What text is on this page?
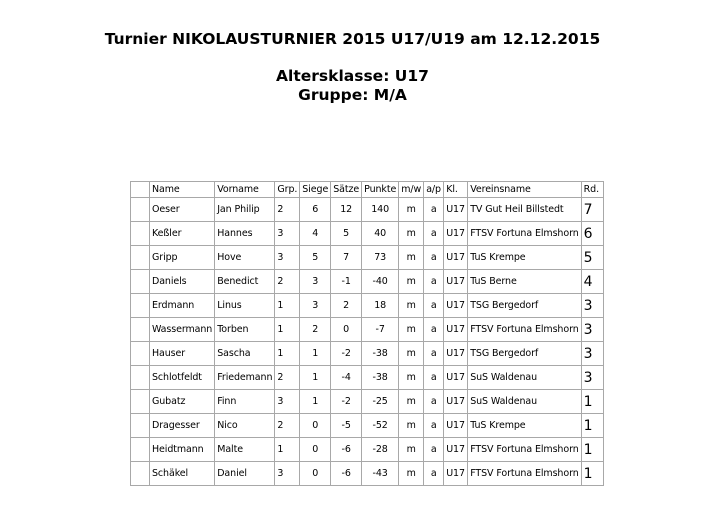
Turnier NIKOLAUSTURNIER 2015 U17/U19 am 12.12.2015
Altersklasse: U17
Gruppe: M/A
	Name	Vorname	Grp.	Siege	Sätze	Punkte	m/w	a/p	Kl.	Vereinsname	Rd.
	Oeser	Jan Philip	2	6	12	140	m	a	U17	TV Gut Heil Billstedt	7
	Keßler	Hannes	3	4	5	40	m	a	U17	FTSV Fortuna Elmshorn	6
	Gripp	Hove	3	5	7	73	m	a	U17	TuS Krempe	5
	Daniels	Benedict	2	3	-1	-40	m	a	U17	TuS Berne	4
	Erdmann	Linus	1	3	2	18	m	a	U17	TSG Bergedorf	3
	Wassermann	Torben	1	2	0	-7	m	a	U17	FTSV Fortuna Elmshorn	3
	Hauser	Sascha	1	1	-2	-38	m	a	U17	TSG Bergedorf	3
	Schlotfeldt	Friedemann	2	1	-4	-38	m	a	U17	SuS Waldenau	3
	Gubatz	Finn	3	1	-2	-25	m	a	U17	SuS Waldenau	1
	Dragesser	Nico	2	0	-5	-52	m	a	U17	TuS Krempe	1
	Heidtmann	Malte	1	0	-6	-28	m	a	U17	FTSV Fortuna Elmshorn	1
	Schäkel	Daniel	3	0	-6	-43	m	a	U17	FTSV Fortuna Elmshorn	1
